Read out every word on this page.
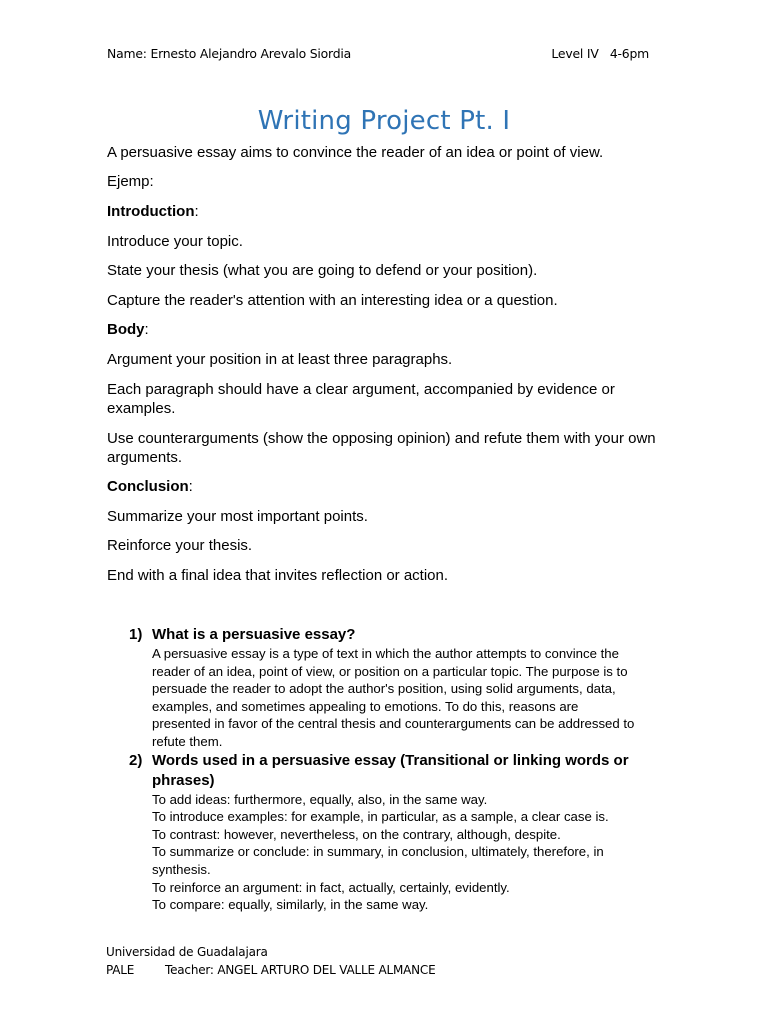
Name: Ernesto Alejandro Arevalo Siordia	Level IV   4-6pm
Writing Project Pt. I

A persuasive essay aims to convince the reader of an idea or point of view.

Ejemp:

Introduction:

Introduce your topic.

State your thesis (what you are going to defend or your position).

Capture the reader's attention with an interesting idea or a question.

Body:

Argument your position in at least three paragraphs.

Each paragraph should have a clear argument, accompanied by evidence or examples.

Use counterarguments (show the opposing opinion) and refute them with your own arguments.

Conclusion:

Summarize your most important points.

Reinforce your thesis.

End with a final idea that invites reflection or action.

1) What is a persuasive essay?
A persuasive essay is a type of text in which the author attempts to convince the
reader of an idea, point of view, or position on a particular topic. The purpose is to
persuade the reader to adopt the author's position, using solid arguments, data,
examples, and sometimes appealing to emotions. To do this, reasons are
presented in favor of the central thesis and counterarguments can be addressed to
refute them.
2) Words used in a persuasive essay (Transitional or linking words or phrases)
To add ideas: furthermore, equally, also, in the same way.
To introduce examples: for example, in particular, as a sample, a clear case is.
To contrast: however, nevertheless, on the contrary, although, despite.
To summarize or conclude: in summary, in conclusion, ultimately, therefore, in
synthesis.
To reinforce an argument: in fact, actually, certainly, evidently.
To compare: equally, similarly, in the same way.
Universidad de Guadalajara
PALE	Teacher: ANGEL ARTURO DEL VALLE ALMANCE
